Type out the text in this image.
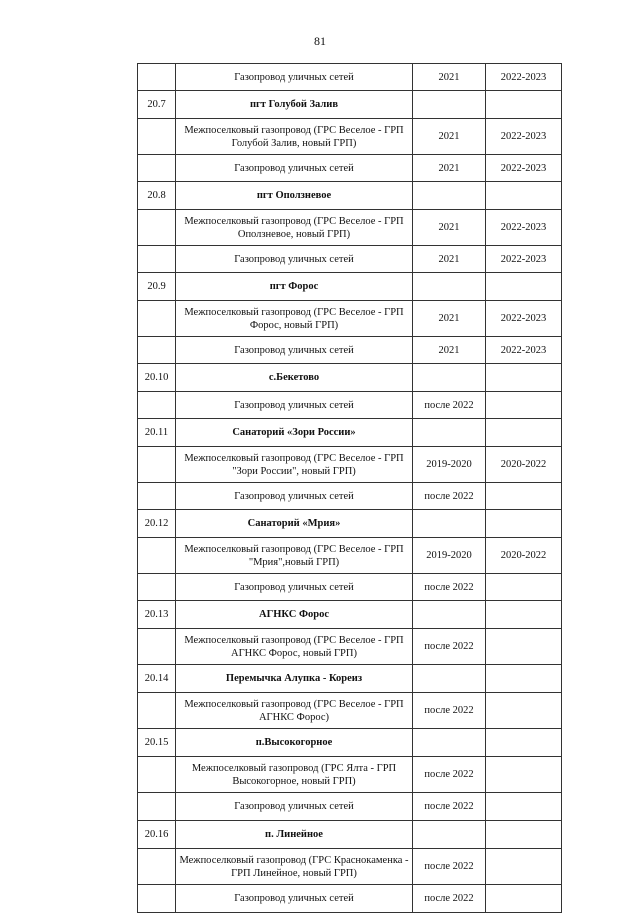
81
	Газопровод уличных сетей	2021	2022-2023
20.7	пгт Голубой Залив		
	Межпоселковый газопровод (ГРС Веселое - ГРП Голубой Залив, новый ГРП)	2021	2022-2023
	Газопровод уличных сетей	2021	2022-2023
20.8	пгт Оползневое		
	Межпоселковый газопровод (ГРС Веселое - ГРП Оползневое, новый ГРП)	2021	2022-2023
	Газопровод уличных сетей	2021	2022-2023
20.9	пгт Форос		
	Межпоселковый газопровод (ГРС Веселое - ГРП Форос, новый ГРП)	2021	2022-2023
	Газопровод уличных сетей	2021	2022-2023
20.10	с.Бекетово		
	Газопровод уличных сетей	после 2022	
20.11	Санаторий «Зори России»		
	Межпоселковый газопровод (ГРС Веселое - ГРП "Зори России", новый ГРП)	2019-2020	2020-2022
	Газопровод уличных сетей	после 2022	
20.12	Санаторий «Мрия»		
	Межпоселковый газопровод (ГРС Веселое - ГРП "Мрия",новый ГРП)	2019-2020	2020-2022
	Газопровод уличных сетей	после 2022	
20.13	АГНКС Форос		
	Межпоселковый газопровод (ГРС Веселое - ГРП АГНКС Форос, новый ГРП)	после 2022	
20.14	Перемычка Алупка - Кореиз		
	Межпоселковый газопровод (ГРС Веселое - ГРП АГНКС Форос)	после 2022	
20.15	п.Высокогорное		
	Межпоселковый газопровод (ГРС Ялта - ГРП Высокогорное, новый ГРП)	после 2022	
	Газопровод уличных сетей	после 2022	
20.16	п. Линейное		
	Межпоселковый газопровод (ГРС Краснокаменка - ГРП Линейное, новый ГРП)	после 2022	
	Газопровод уличных сетей	после 2022	
